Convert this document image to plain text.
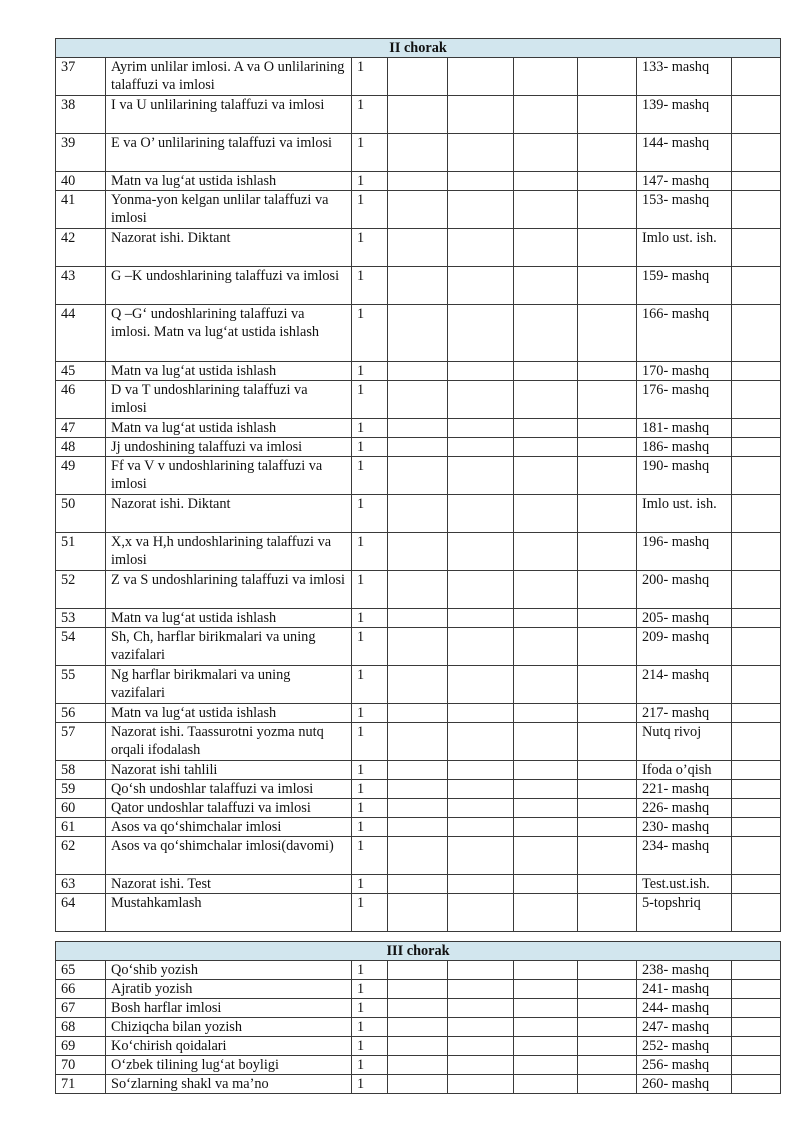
II chorak								
37	Ayrim unlilar imlosi. A va O unlilarining talaffuzi va imlosi	1					133- mashq	
38	I va U unlilarining talaffuzi va imlosi	1					139- mashq	
39	E va O’ unlilarining talaffuzi va imlosi	1					144- mashq	
40	Matn va lug‘at ustida ishlash	1					147- mashq	
41	Yonma-yon kelgan unlilar talaffuzi va imlosi	1					153- mashq	
42	Nazorat ishi. Diktant	1					Imlo ust. ish.	
43	G –K undoshlarining talaffuzi va imlosi	1					159- mashq	
44	Q –G‘ undoshlarining talaffuzi va imlosi. Matn va lug‘at ustida ishlash	1					166- mashq	
45	Matn va lug‘at ustida ishlash	1					170- mashq	
46	D va T undoshlarining talaffuzi va imlosi	1					176- mashq	
47	Matn va lug‘at ustida ishlash	1					181- mashq	
48	Jj undoshining talaffuzi va imlosi	1					186- mashq	
49	Ff va V v undoshlarining talaffuzi va imlosi	1					190- mashq	
50	Nazorat ishi. Diktant	1					Imlo ust. ish.	
51	X,x va H,h undoshlarining talaffuzi va imlosi	1					196- mashq	
52	Z va S undoshlarining talaffuzi va imlosi	1					200- mashq	
53	Matn va lug‘at ustida ishlash	1					205- mashq	
54	Sh, Ch, harflar birikmalari va uning vazifalari	1					209- mashq	
55	Ng harflar birikmalari va uning vazifalari	1					214- mashq	
56	Matn va lug‘at ustida ishlash	1					217- mashq	
57	Nazorat ishi. Taassurotni yozma nutq orqali ifodalash	1					Nutq rivoj	
58	Nazorat ishi tahlili	1					Ifoda o’qish	
59	Qo‘sh undoshlar talaffuzi va imlosi	1					221- mashq	
60	Qator undoshlar talaffuzi va imlosi	1					226- mashq	
61	Asos va qo‘shimchalar imlosi	1					230- mashq	
62	Asos va qo‘shimchalar imlosi(davomi)	1					234- mashq	
63	Nazorat ishi. Test	1					Test.ust.ish.	
64	Mustahkamlash	1					5-topshriq	

III chorak								
65	Qo‘shib yozish	1					238- mashq	
66	Ajratib yozish	1					241- mashq	
67	Bosh harflar imlosi	1					244- mashq	
68	Chiziqcha bilan yozish	1					247- mashq	
69	Ko‘chirish qoidalari	1					252- mashq	
70	O‘zbek tilining lug‘at boyligi	1					256- mashq	
71	So‘zlarning shakl va ma’no	1					260- mashq	
